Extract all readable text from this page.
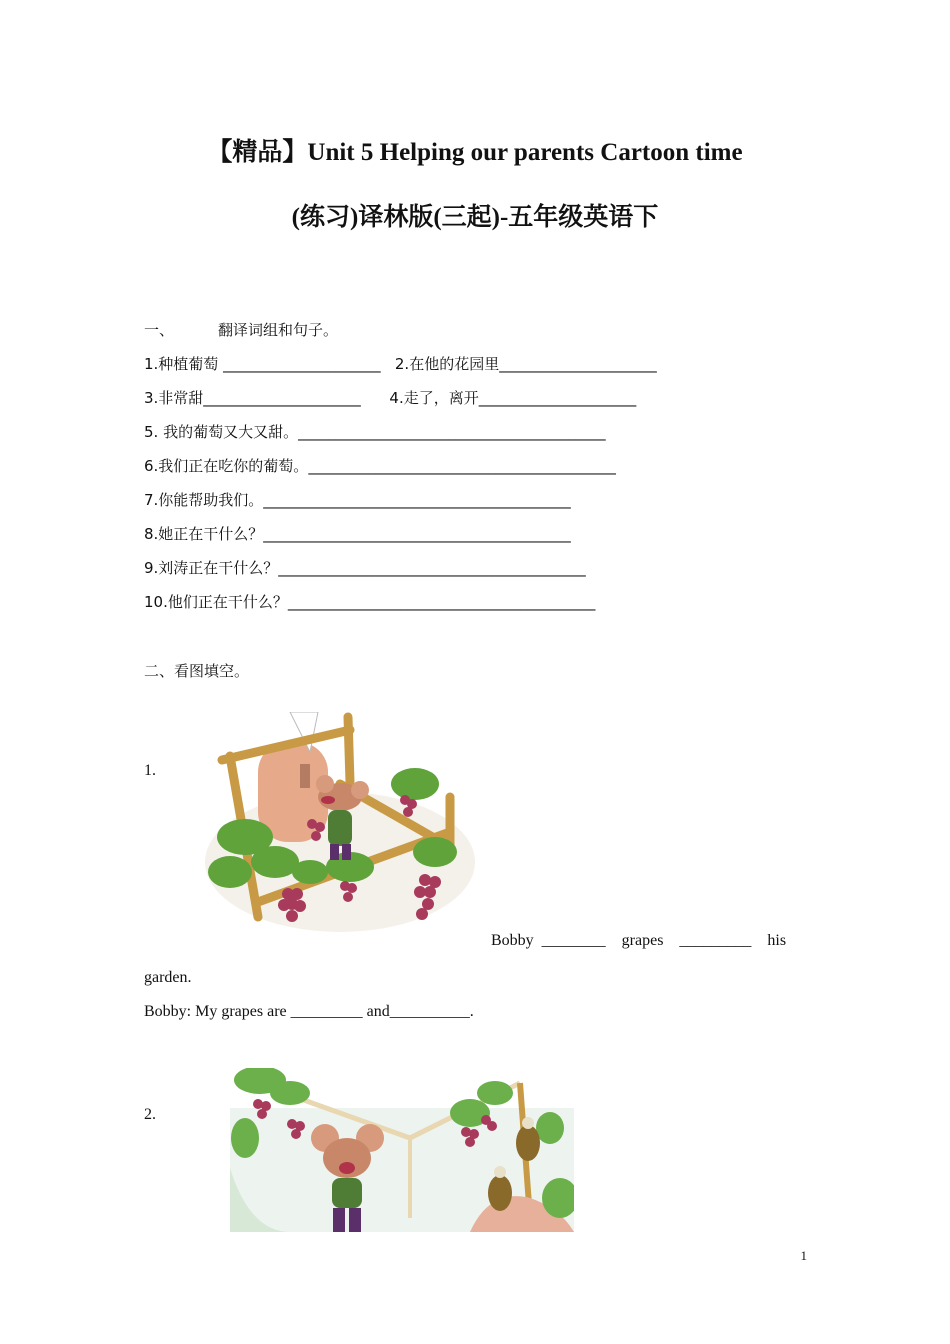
【精品】Unit 5 Helping our parents Cartoon time
(练习)译林版(三起)-五年级英语下
一、	翻译词组和句子。
1.种植葡萄 _____________________   2.在他的花园里_____________________
3.非常甜_____________________      4.走了，离开_____________________
5. 我的葡萄又大又甜。_________________________________________
6.我们正在吃你的葡萄。_________________________________________
7.你能帮助我们。_________________________________________
8.她正在干什么？_________________________________________
9.刘涛正在干什么？_________________________________________
10.他们正在干什么？_________________________________________
二、看图填空。
1.
Bobby  ________    grapes    _________    his
garden.
Bobby: My grapes are _________ and__________.
2.
1
